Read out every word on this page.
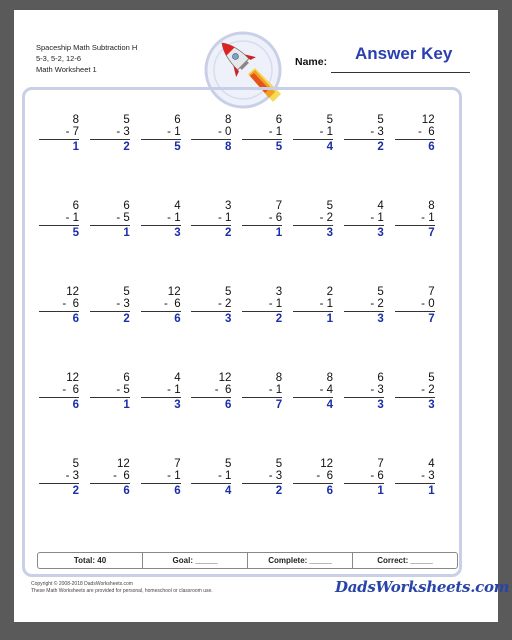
Spaceship Math Subtraction H
5-3, 5-2, 12-6
Math Worksheet 1
Name: Answer Key
8
- 7
1
5
- 3
2
6
- 1
5
8
- 0
8
6
- 1
5
5
- 1
4
5
- 3
2
12
-  6
6
6
- 1
5
6
- 5
1
4
- 1
3
3
- 1
2
7
- 6
1
5
- 2
3
4
- 1
3
8
- 1
7
12
-  6
6
5
- 3
2
12
-  6
6
5
- 2
3
3
- 1
2
2
- 1
1
5
- 2
3
7
- 0
7
12
-  6
6
6
- 5
1
4
- 1
3
12
-  6
6
8
- 1
7
8
- 4
4
6
- 3
3
5
- 2
3
5
- 3
2
12
-  6
6
7
- 1
6
5
- 1
4
5
- 3
2
12
-  6
6
7
- 6
1
4
- 3
1
Total: 40	Goal: _____	Complete: _____	Correct: _____
Copyright © 2008-2018 DadsWorksheets.com
These Math Worksheets are provided for personal, homeschool or classroom use.	DadsWorksheets.com
